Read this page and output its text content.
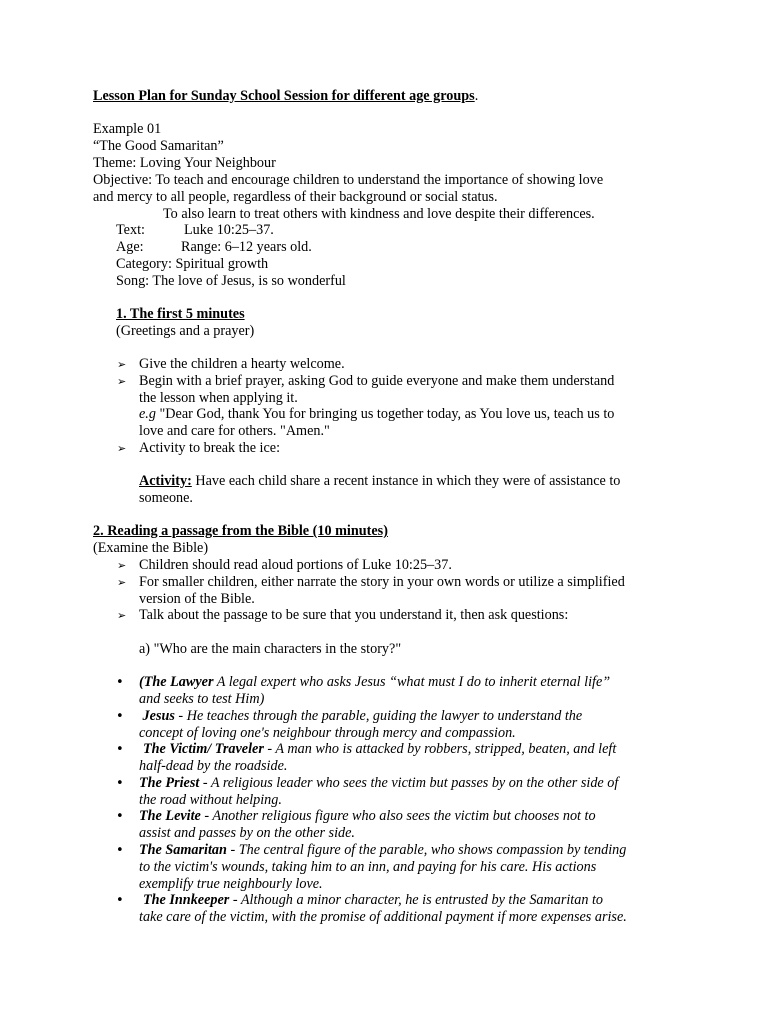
Lesson Plan for Sunday School Session for different age groups.
Example 01
“The Good Samaritan”
Theme: Loving Your Neighbour
Objective: To teach and encourage children to understand the importance of showing love
and mercy to all people, regardless of their background or social status.
To also learn to treat others with kindness and love despite their differences.
Text:	Luke 10:25–37.
Age:	Range: 6–12 years old.
Category: Spiritual growth
Song: The love of Jesus, is so wonderful
1. The first 5 minutes
(Greetings and a prayer)
➢ Give the children a hearty welcome.
➢ Begin with a brief prayer, asking God to guide everyone and make them understand
the lesson when applying it.
e.g "Dear God, thank You for bringing us together today, as You love us, teach us to
love and care for others. "Amen."
➢ Activity to break the ice:
Activity: Have each child share a recent instance in which they were of assistance to
someone.
2. Reading a passage from the Bible (10 minutes)
(Examine the Bible)
➢ Children should read aloud portions of Luke 10:25–37.
➢ For smaller children, either narrate the story in your own words or utilize a simplified
version of the Bible.
➢ Talk about the passage to be sure that you understand it, then ask questions:
a) "Who are the main characters in the story?"
• (The Lawyer A legal expert who asks Jesus “what must I do to inherit eternal life”
and seeks to test Him)
• Jesus - He teaches through the parable, guiding the lawyer to understand the
concept of loving one's neighbour through mercy and compassion.
• The Victim/ Traveler - A man who is attacked by robbers, stripped, beaten, and left
half-dead by the roadside.
• The Priest - A religious leader who sees the victim but passes by on the other side of
the road without helping.
• The Levite - Another religious figure who also sees the victim but chooses not to
assist and passes by on the other side.
• The Samaritan - The central figure of the parable, who shows compassion by tending
to the victim's wounds, taking him to an inn, and paying for his care. His actions
exemplify true neighbourly love.
• The Innkeeper - Although a minor character, he is entrusted by the Samaritan to
take care of the victim, with the promise of additional payment if more expenses arise.
